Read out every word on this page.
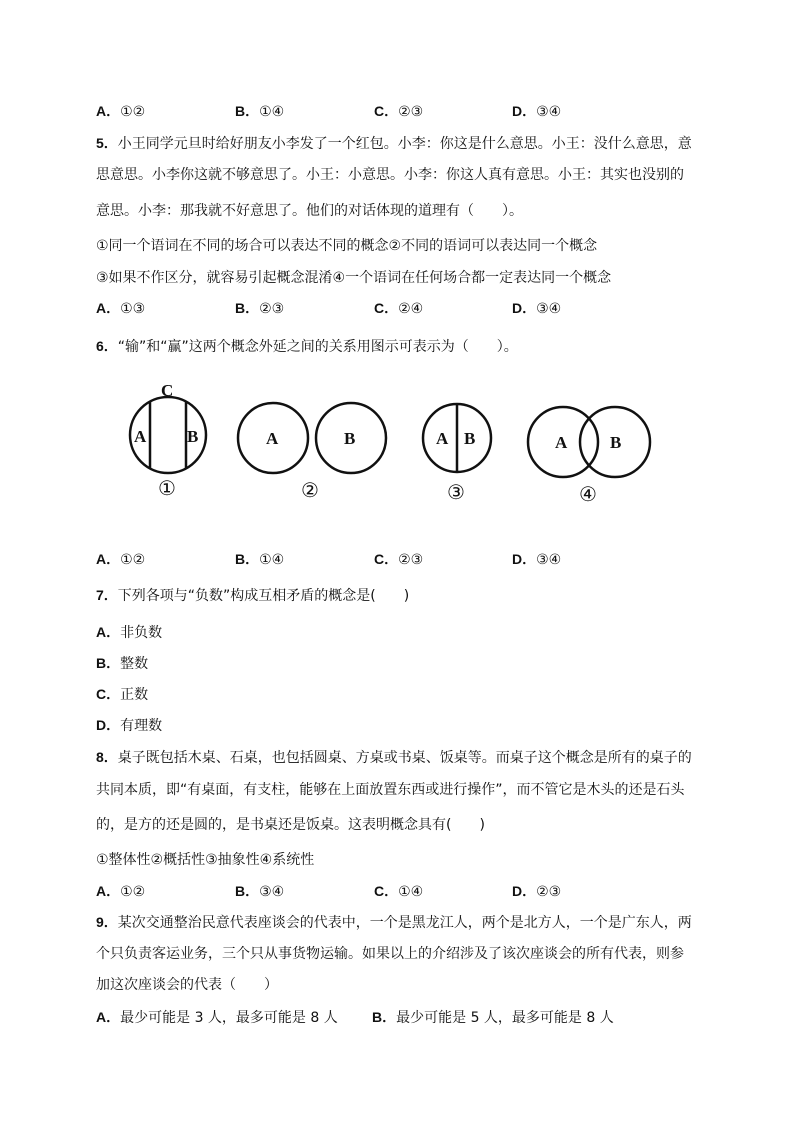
A．①②	B．①④	C．②③	D．③④
5．小王同学元旦时给好朋友小李发了一个红包。小李：你这是什么意思。小王：没什么意思，意
思意思。小李你这就不够意思了。小王：小意思。小李：你这人真有意思。小王：其实也没别的
意思。小李：那我就不好意思了。他们的对话体现的道理有（　　）。
①同一个语词在不同的场合可以表达不同的概念②不同的语词可以表达同一个概念
③如果不作区分，就容易引起概念混淆④一个语词在任何场合都一定表达同一个概念
A．①③	B．②③	C．②④	D．③④
6．“输”和“赢”这两个概念外延之间的关系用图示可表示为（　　）。
C
A B	A	B	A B	A	B
①	②	③	④
A．①②	B．①④	C．②③	D．③④
7．下列各项与“负数”构成互相矛盾的概念是(　　)
A．非负数
B．整数
C．正数
D．有理数
8．桌子既包括木桌、石桌，也包括圆桌、方桌或书桌、饭桌等。而桌子这个概念是所有的桌子的
共同本质，即“有桌面，有支柱，能够在上面放置东西或进行操作”，而不管它是木头的还是石头
的，是方的还是圆的，是书桌还是饭桌。这表明概念具有(　　)
①整体性②概括性③抽象性④系统性
A．①②	B．③④	C．①④	D．②③
9．某次交通整治民意代表座谈会的代表中，一个是黑龙江人，两个是北方人，一个是广东人，两
个只负责客运业务，三个只从事货物运输。如果以上的介绍涉及了该次座谈会的所有代表，则参
加这次座谈会的代表（　　）
A．最少可能是 3 人，最多可能是 8 人 B．最少可能是 5 人，最多可能是 8 人
